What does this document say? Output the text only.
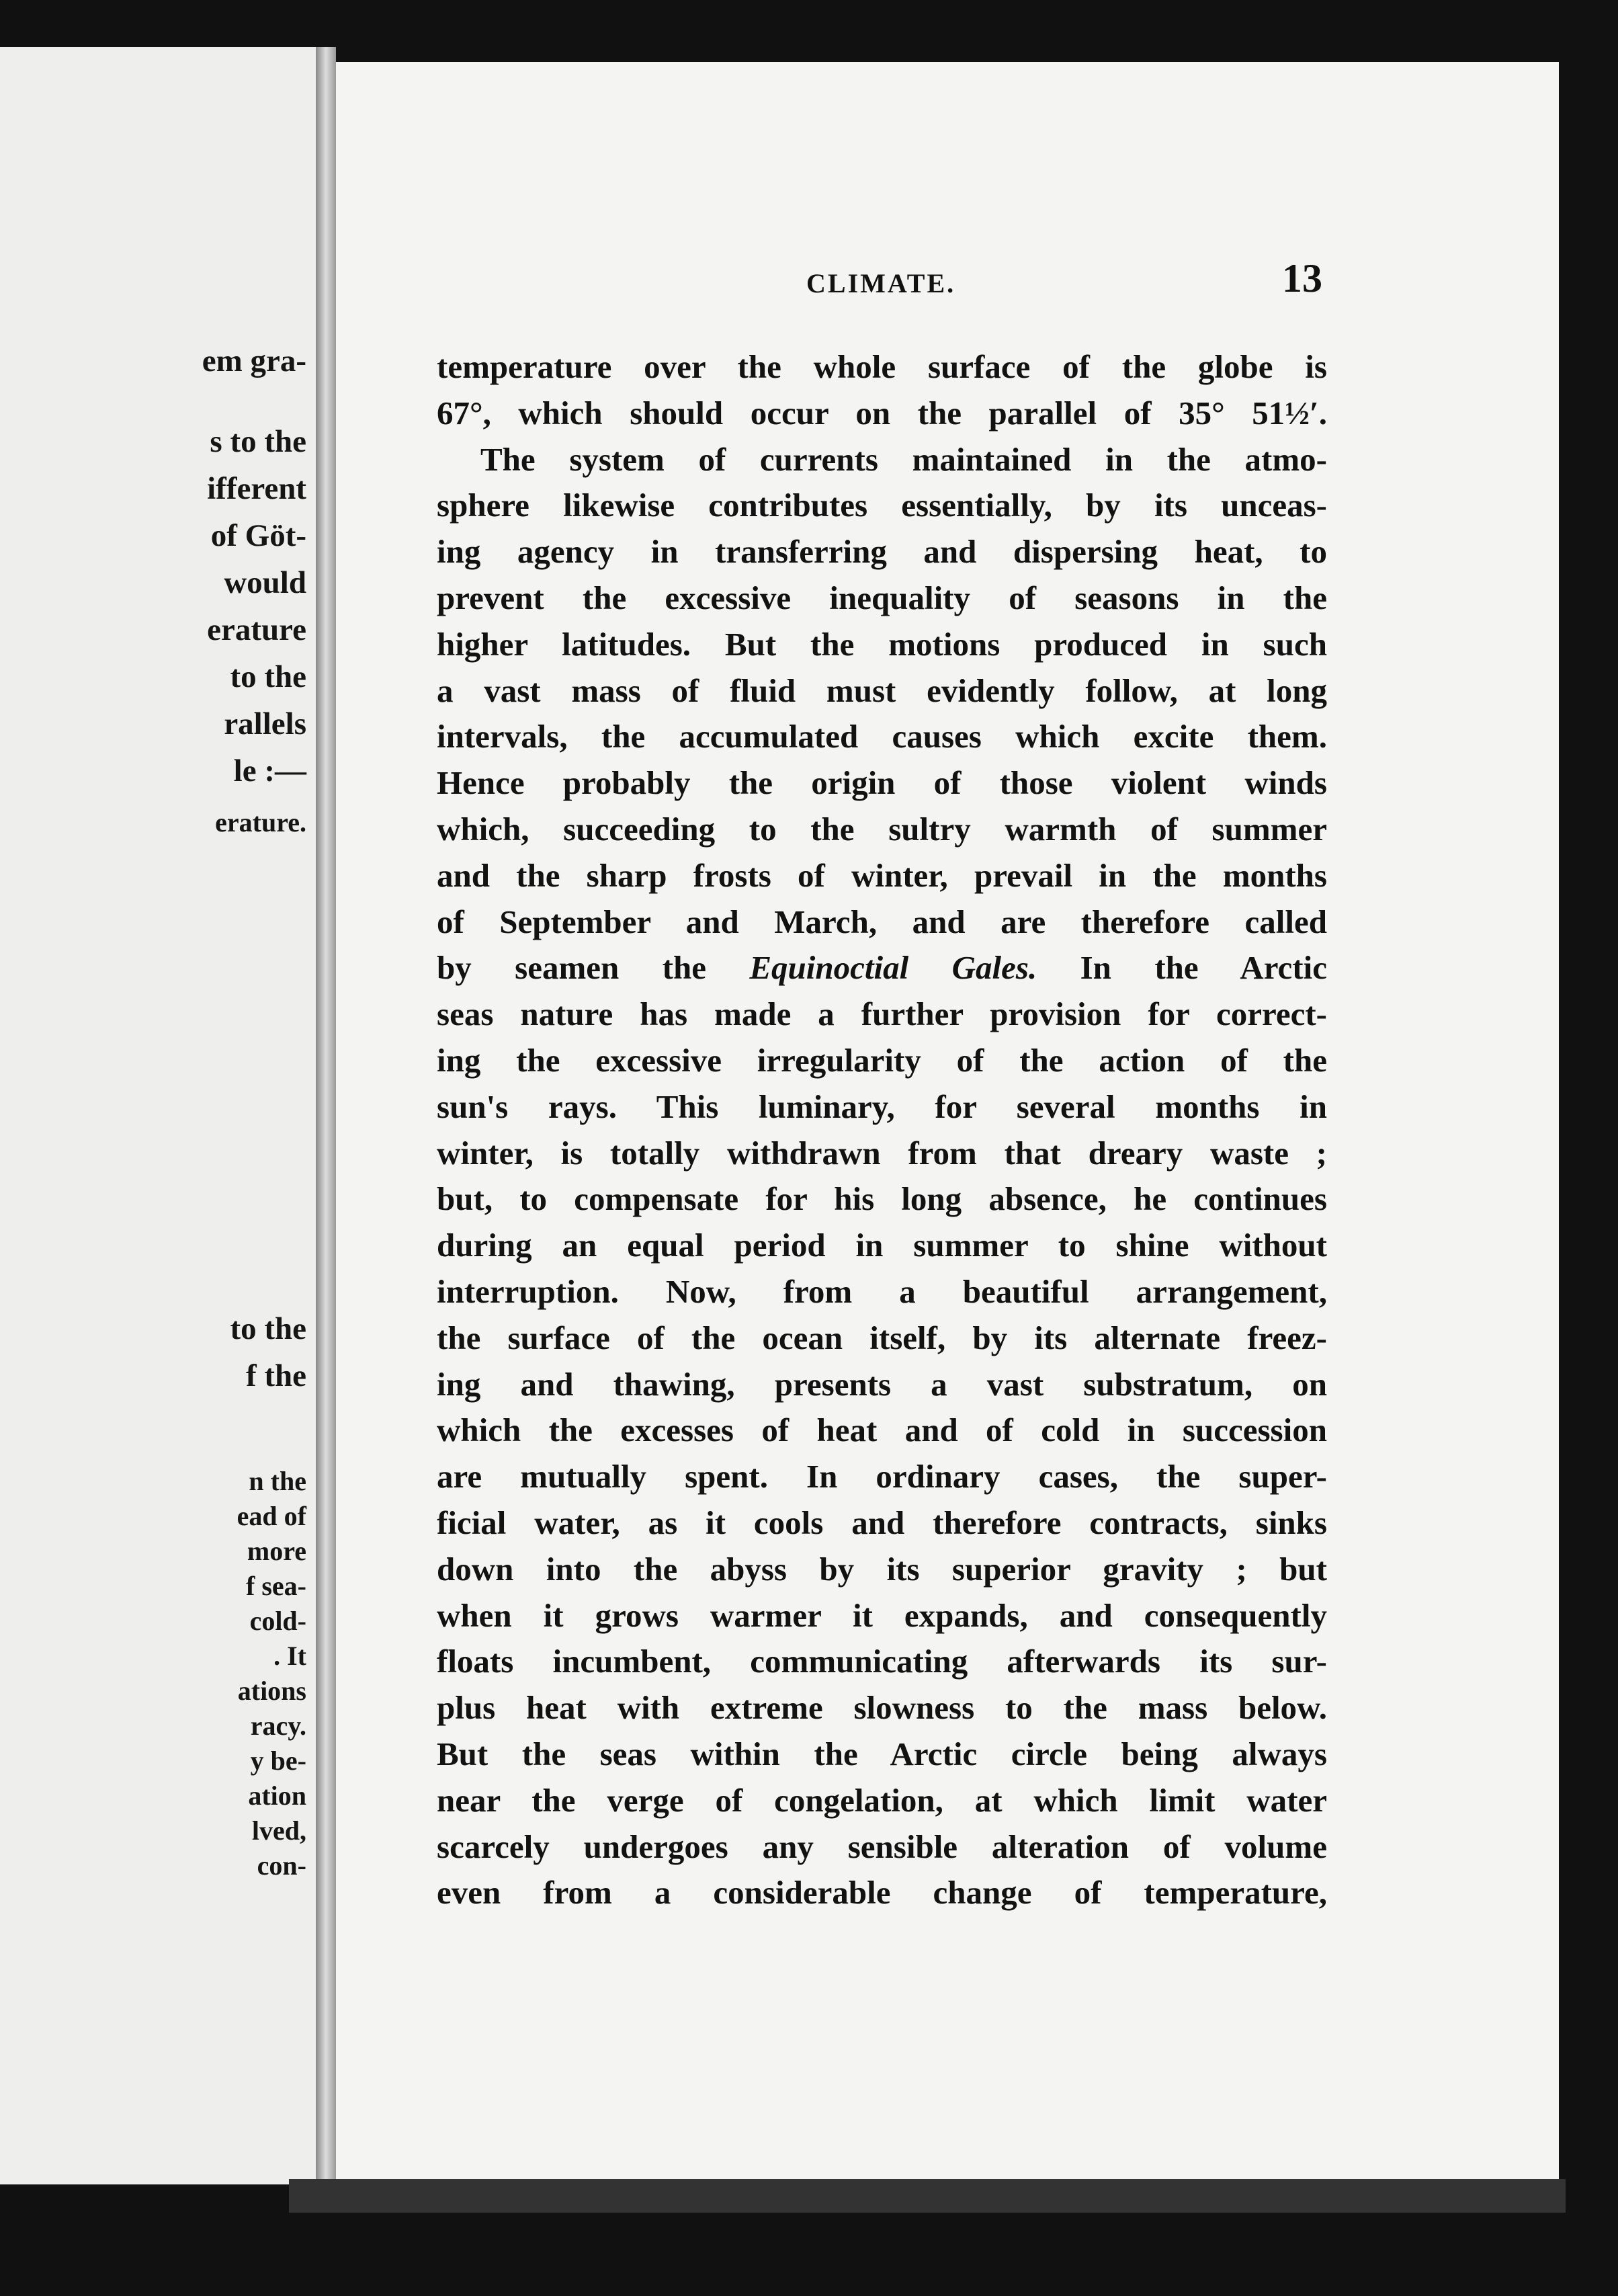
em gra-
s to the
ifferent
of Göt-
would
erature
to the
rallels
le :—
erature.
to the
f the
n the
ead of
more
f sea-
cold-
. It
ations
racy.
y be-
ation
lved,
con-
CLIMATE.	13
temperature over the whole surface of the globe is
67°, which should occur on the parallel of 35° 51½′.
The system of currents maintained in the atmo-
sphere likewise contributes essentially, by its unceas-
ing agency in transferring and dispersing heat, to
prevent the excessive inequality of seasons in the
higher latitudes. But the motions produced in such
a vast mass of fluid must evidently follow, at long
intervals, the accumulated causes which excite them.
Hence probably the origin of those violent winds
which, succeeding to the sultry warmth of summer
and the sharp frosts of winter, prevail in the months
of September and March, and are therefore called
by seamen the Equinoctial Gales. In the Arctic
seas nature has made a further provision for correct-
ing the excessive irregularity of the action of the
sun's rays. This luminary, for several months in
winter, is totally withdrawn from that dreary waste ;
but, to compensate for his long absence, he continues
during an equal period in summer to shine without
interruption. Now, from a beautiful arrangement,
the surface of the ocean itself, by its alternate freez-
ing and thawing, presents a vast substratum, on
which the excesses of heat and of cold in succession
are mutually spent. In ordinary cases, the super-
ficial water, as it cools and therefore contracts, sinks
down into the abyss by its superior gravity ; but
when it grows warmer it expands, and consequently
floats incumbent, communicating afterwards its sur-
plus heat with extreme slowness to the mass below.
But the seas within the Arctic circle being always
near the verge of congelation, at which limit water
scarcely undergoes any sensible alteration of volume
even from a considerable change of temperature,
